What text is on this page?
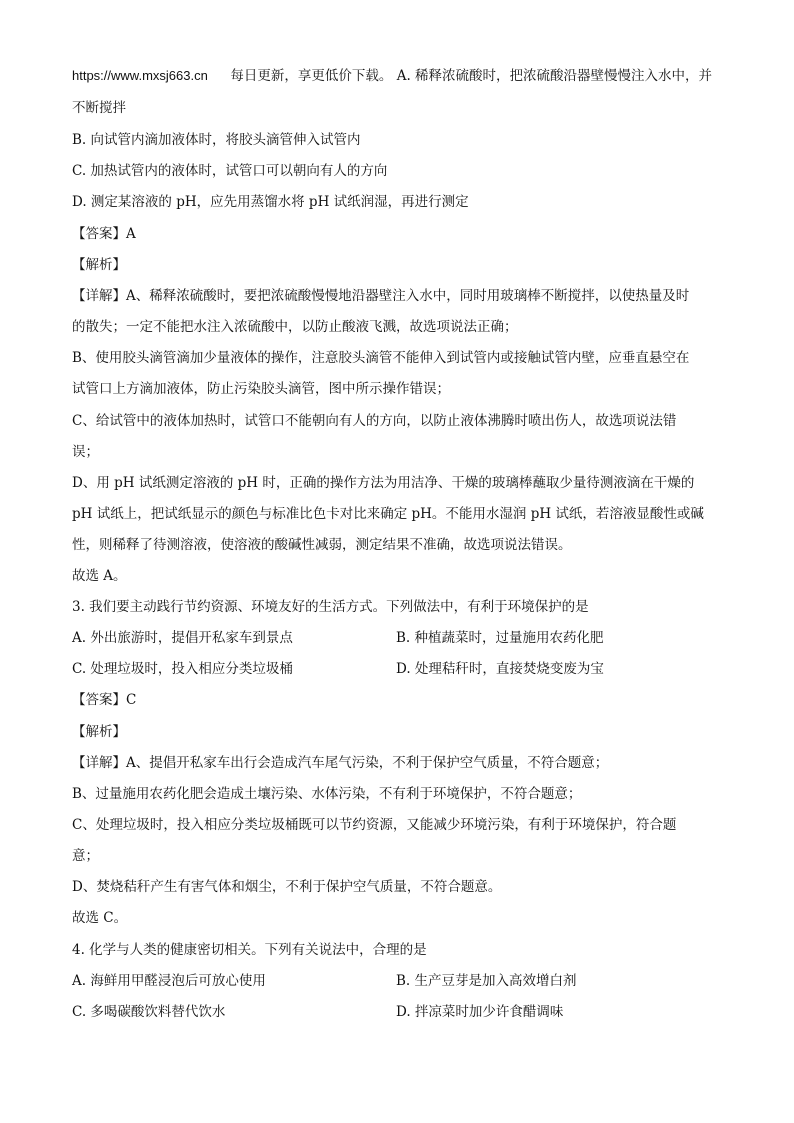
https://www.mxsj663.cn 每日更新，享更低价下载。 A. 稀释浓硫酸时，把浓硫酸沿器壁慢慢注入水中，并
不断搅拌
B. 向试管内滴加液体时，将胶头滴管伸入试管内
C. 加热试管内的液体时，试管口可以朝向有人的方向
D. 测定某溶液的 pH，应先用蒸馏水将 pH 试纸润湿，再进行测定
【答案】A
【解析】
【详解】A、稀释浓硫酸时，要把浓硫酸慢慢地沿器壁注入水中，同时用玻璃棒不断搅拌，以使热量及时
的散失；一定不能把水注入浓硫酸中，以防止酸液飞溅，故选项说法正确；
B、使用胶头滴管滴加少量液体的操作，注意胶头滴管不能伸入到试管内或接触试管内壁，应垂直悬空在
试管口上方滴加液体，防止污染胶头滴管，图中所示操作错误；
C、给试管中的液体加热时，试管口不能朝向有人的方向，以防止液体沸腾时喷出伤人，故选项说法错
误；
D、用 pH 试纸测定溶液的 pH 时，正确的操作方法为用洁净、干燥的玻璃棒蘸取少量待测液滴在干燥的
pH 试纸上，把试纸显示的颜色与标准比色卡对比来确定 pH。不能用水湿润 pH 试纸，若溶液显酸性或碱
性，则稀释了待测溶液，使溶液的酸碱性减弱，测定结果不准确，故选项说法错误。
故选 A。
3. 我们要主动践行节约资源、环境友好的生活方式。下列做法中，有利于环境保护的是
A. 外出旅游时，提倡开私家车到景点	B. 种植蔬菜时，过量施用农药化肥
C. 处理垃圾时，投入相应分类垃圾桶	D. 处理秸秆时，直接焚烧变废为宝
【答案】C
【解析】
【详解】A、提倡开私家车出行会造成汽车尾气污染，不利于保护空气质量，不符合题意；
B、过量施用农药化肥会造成土壤污染、水体污染，不有利于环境保护，不符合题意；
C、处理垃圾时，投入相应分类垃圾桶既可以节约资源，又能减少环境污染，有利于环境保护，符合题
意；
D、焚烧秸秆产生有害气体和烟尘，不利于保护空气质量，不符合题意。
故选 C。
4. 化学与人类的健康密切相关。下列有关说法中，合理的是
A. 海鲜用甲醛浸泡后可放心使用	B. 生产豆芽是加入高效增白剂
C. 多喝碳酸饮料替代饮水	D. 拌凉菜时加少许食醋调味
